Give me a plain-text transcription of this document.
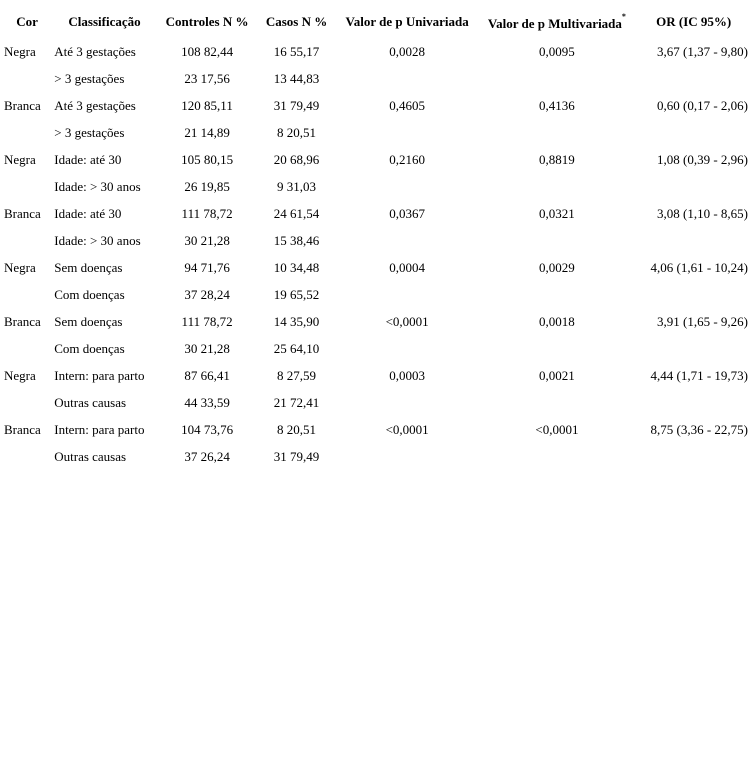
Cor	Classificação	Controles N %	Casos N %	Valor de p Univariada	Valor de p Multivariada*	OR (IC 95%)
Negra	Até 3 gestações	108 82,44	16 55,17	0,0028	0,0095	3,67 (1,37 - 9,80)
	> 3 gestações	23 17,56	13 44,83			
Branca	Até 3 gestações	120 85,11	31 79,49	0,4605	0,4136	0,60 (0,17 - 2,06)
	> 3 gestações	21 14,89	8 20,51			
Negra	Idade: até 30	105 80,15	20 68,96	0,2160	0,8819	1,08 (0,39 - 2,96)
	Idade: > 30 anos	26 19,85	9 31,03			
Branca	Idade: até 30	111 78,72	24 61,54	0,0367	0,0321	3,08 (1,10 - 8,65)
	Idade: > 30 anos	30 21,28	15 38,46			
Negra	Sem doenças	94 71,76	10 34,48	0,0004	0,0029	4,06 (1,61 - 10,24)
	Com doenças	37 28,24	19 65,52			
Branca	Sem doenças	111 78,72	14 35,90	<0,0001	0,0018	3,91 (1,65 - 9,26)
	Com doenças	30 21,28	25 64,10			
Negra	Intern: para parto	87 66,41	8 27,59	0,0003	0,0021	4,44 (1,71 - 19,73)
	Outras causas	44 33,59	21 72,41			
Branca	Intern: para parto	104 73,76	8 20,51	<0,0001	<0,0001	8,75 (3,36 - 22,75)
	Outras causas	37 26,24	31 79,49			
